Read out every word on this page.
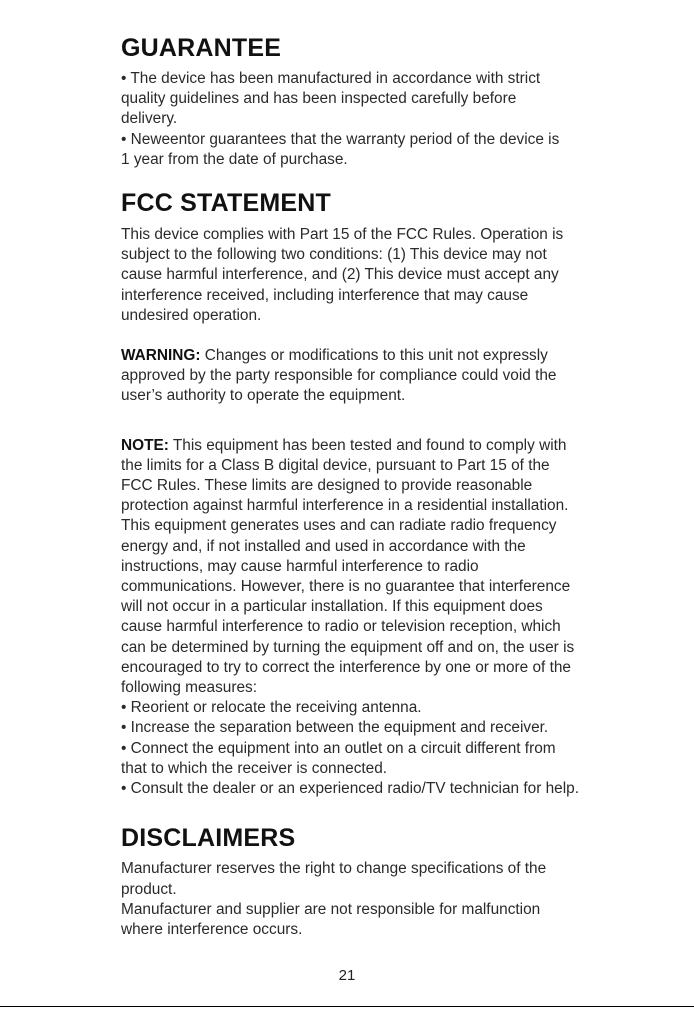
GUARANTEE

• The device has been manufactured in accordance with strict

quality guidelines and has been inspected carefully before

delivery.

• Neweentor guarantees that the warranty period of the device is

1 year from the date of purchase.

FCC STATEMENT

This device complies with Part 15 of the FCC Rules. Operation is

subject to the following two conditions: (1) This device may not

cause harmful interference, and (2) This device must accept any

interference received, including interference that may cause

undesired operation.

WARNING: Changes or modifications to this unit not expressly

approved by the party responsible for compliance could void the

user’s authority to operate the equipment.

NOTE: This equipment has been tested and found to comply with

the limits for a Class B digital device, pursuant to Part 15 of the

FCC Rules. These limits are designed to provide reasonable

protection against harmful interference in a residential installation.

This equipment generates uses and can radiate radio frequency

energy and, if not installed and used in accordance with the

instructions, may cause harmful interference to radio

communications. However, there is no guarantee that interference

will not occur in a particular installation. If this equipment does

cause harmful interference to radio or television reception, which

can be determined by turning the equipment off and on, the user is

encouraged to try to correct the interference by one or more of the

following measures:

• Reorient or relocate the receiving antenna.

• Increase the separation between the equipment and receiver.

• Connect the equipment into an outlet on a circuit different from

that to which the receiver is connected.

• Consult the dealer or an experienced radio/TV technician for help.

DISCLAIMERS

Manufacturer reserves the right to change specifications of the

product.

Manufacturer and supplier are not responsible for malfunction

where interference occurs.

21
